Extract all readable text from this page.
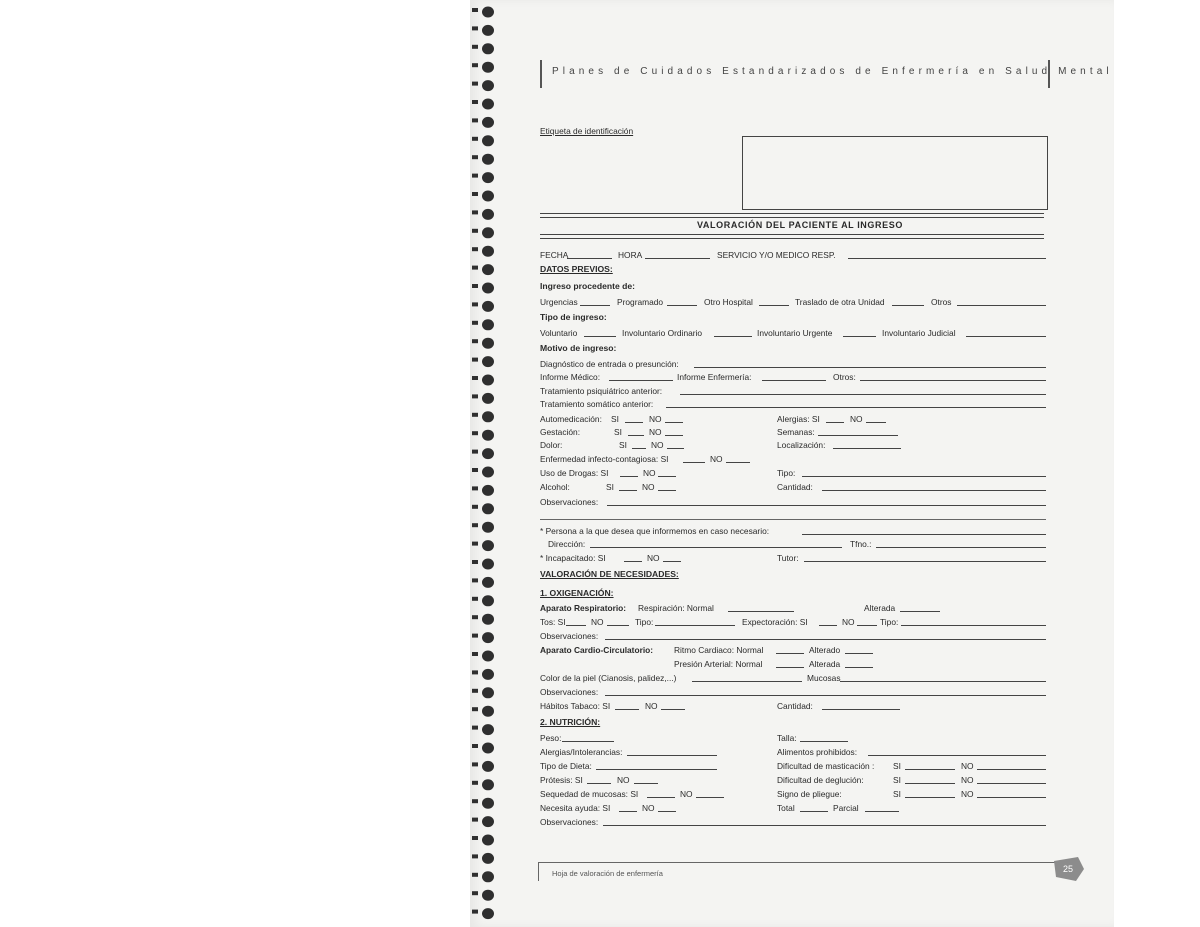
Planes de Cuidados Estandarizados de Enfermería en Salud Mental
Etiqueta de identificación
VALORACIÓN DEL PACIENTE AL INGRESO
FECHA	HORA	SERVICIO Y/O MEDICO RESP.
DATOS PREVIOS:
Ingreso procedente de:
Urgencias	Programado	Otro Hospital	Traslado de otra Unidad	Otros
Tipo de ingreso:
Voluntario	Involuntario Ordinario	Involuntario Urgente	Involuntario Judicial
Motivo de ingreso:
Diagnóstico de entrada o presunción:
Informe Médico:	Informe Enfermería:	Otros:
Tratamiento psiquiátrico anterior:
Tratamiento somático anterior:
Automedicación: SI	NO	Alergias: SI	NO
Gestación:	SI	NO	Semanas:
Dolor:	SI	NO	Localización:
Enfermedad infecto-contagiosa: SI	NO
Uso de Drogas: SI	NO	Tipo:
Alcohol:	SI	NO	Cantidad:
Observaciones:
* Persona a la que desea que informemos en caso necesario:
Dirección:	Tfno.:
* Incapacitado: SI	NO	Tutor:
VALORACIÓN DE NECESIDADES:
1. OXIGENACIÓN:
Aparato Respiratorio: Respiración: Normal	Alterada
Tos: SI	NO	Tipo:	Expectoración: SI	NO	Tipo:
Observaciones:
Aparato Cardio-Circulatorio: Ritmo Cardiaco: Normal	Alterado
Presión Arterial: Normal	Alterada
Color de la piel (Cianosis, palidez,...)	Mucosas
Observaciones:
Hábitos Tabaco: SI	NO	Cantidad:
2. NUTRICIÓN:
Peso:	Talla:
Alergias/Intolerancias:	Alimentos prohibidos:
Tipo de Dieta:	Dificultad de masticación : SI	NO
Prótesis: SI	NO	Dificultad de deglución:	SI	NO
Sequedad de mucosas: SI	NO	Signo de pliegue:	SI	NO
Necesita ayuda: SI	NO	Total	Parcial
Observaciones:
Hoja de valoración de enfermería	25
